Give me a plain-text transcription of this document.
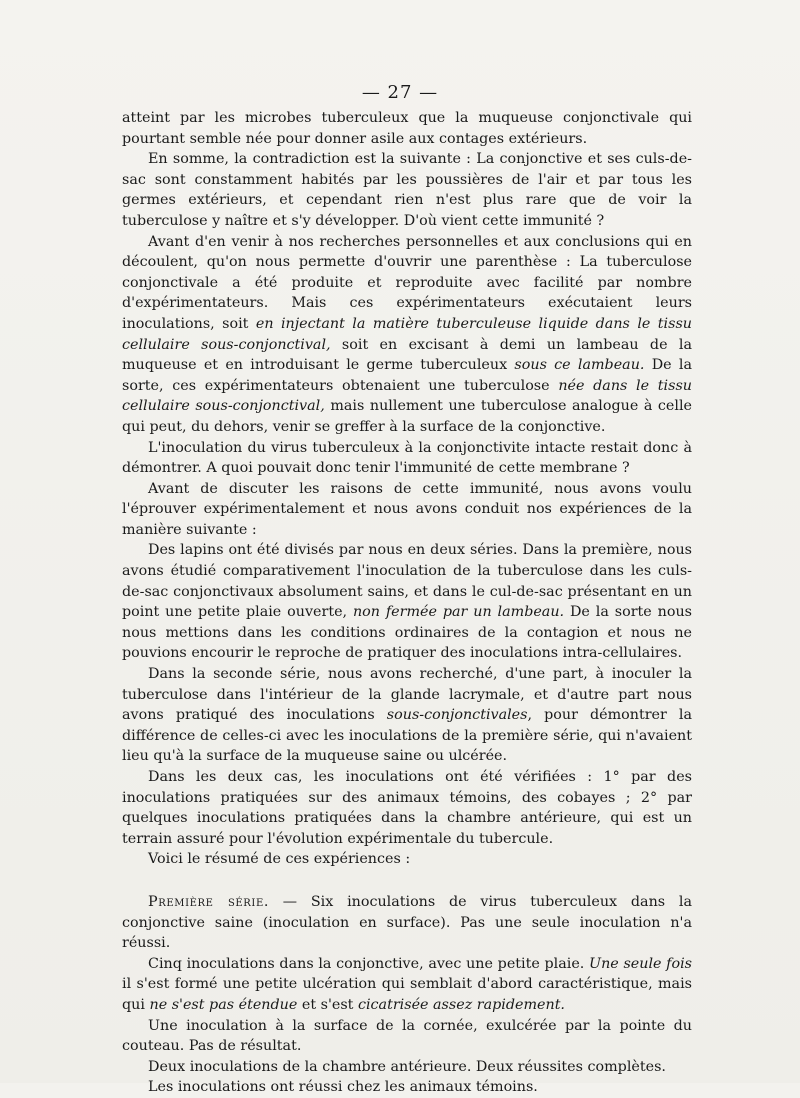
— 27 —

atteint par les microbes tuberculeux que la muqueuse conjonctivale qui pourtant semble née pour donner asile aux contages extérieurs.

En somme, la contradiction est la suivante : La conjonctive et ses culs-de-sac sont constamment habités par les poussières de l'air et par tous les germes extérieurs, et cependant rien n'est plus rare que de voir la tuberculose y naître et s'y développer. D'où vient cette immunité ?

Avant d'en venir à nos recherches personnelles et aux conclusions qui en découlent, qu'on nous permette d'ouvrir une parenthèse : La tuberculose conjonctivale a été produite et reproduite avec facilité par nombre d'expérimentateurs. Mais ces expérimentateurs exécutaient leurs inoculations, soit en injectant la matière tuberculeuse liquide dans le tissu cellulaire sous-conjonctival, soit en excisant à demi un lambeau de la muqueuse et en introduisant le germe tuberculeux sous ce lambeau. De la sorte, ces expérimentateurs obtenaient une tuberculose née dans le tissu cellulaire sous-conjonctival, mais nullement une tuberculose analogue à celle qui peut, du dehors, venir se greffer à la surface de la conjonctive.

L'inoculation du virus tuberculeux à la conjonctivite intacte restait donc à démontrer. A quoi pouvait donc tenir l'immunité de cette membrane ?

Avant de discuter les raisons de cette immunité, nous avons voulu l'éprouver expérimentalement et nous avons conduit nos expériences de la manière suivante :

Des lapins ont été divisés par nous en deux séries. Dans la première, nous avons étudié comparativement l'inoculation de la tuberculose dans les culs-de-sac conjonctivaux absolument sains, et dans le cul-de-sac présentant en un point une petite plaie ouverte, non fermée par un lambeau. De la sorte nous nous mettions dans les conditions ordinaires de la contagion et nous ne pouvions encourir le reproche de pratiquer des inoculations intra-cellulaires.

Dans la seconde série, nous avons recherché, d'une part, à inoculer la tuberculose dans l'intérieur de la glande lacrymale, et d'autre part nous avons pratiqué des inoculations sous-conjonctivales, pour démontrer la différence de celles-ci avec les inoculations de la première série, qui n'avaient lieu qu'à la surface de la muqueuse saine ou ulcérée.

Dans les deux cas, les inoculations ont été vérifiées : 1° par des inoculations pratiquées sur des animaux témoins, des cobayes ; 2° par quelques inoculations pratiquées dans la chambre antérieure, qui est un terrain assuré pour l'évolution expérimentale du tubercule.

Voici le résumé de ces expériences :

Première série. — Six inoculations de virus tuberculeux dans la conjonctive saine (inoculation en surface). Pas une seule inoculation n'a réussi.

Cinq inoculations dans la conjonctive, avec une petite plaie. Une seule fois il s'est formé une petite ulcération qui semblait d'abord caractéristique, mais qui ne s'est pas étendue et s'est cicatrisée assez rapidement.

Une inoculation à la surface de la cornée, exulcérée par la pointe du couteau. Pas de résultat.

Deux inoculations de la chambre antérieure. Deux réussites complètes.

Les inoculations ont réussi chez les animaux témoins.
